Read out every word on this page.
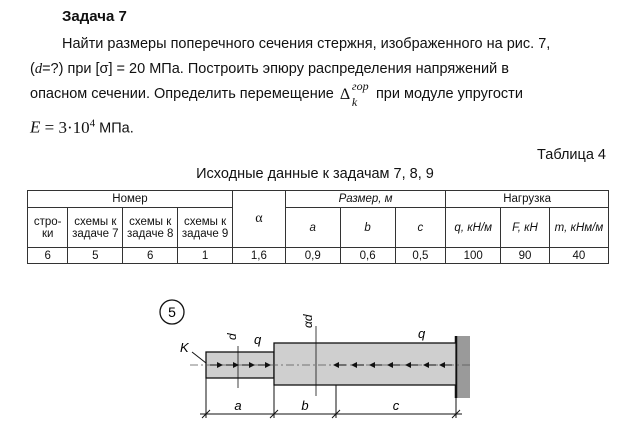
Задача 7
Найти размеры поперечного сечения стержня, изображенного на рис. 7,
(d=?) при [σ] = 20 МПа. Построить эпюру распределения напряжений в
опасном сечении. Определить перемещение Δ гор
k при модуле упругости
$E = 3\cdot 10^4$ МПа.
Таблица 4
Исходные данные к задачам 7, 8, 9
Номер				α	Размер, м			Нагрузка		
стро-ки	схемы к задаче 7	схемы к задаче 8	схемы к задаче 9		a	b	c	q, кН/м	F, кН	m, кНм/м
6	5	6	1	1,6	0,9	0,6	0,5	100	90	40
5
K
d q
αd
q
a	b	c
